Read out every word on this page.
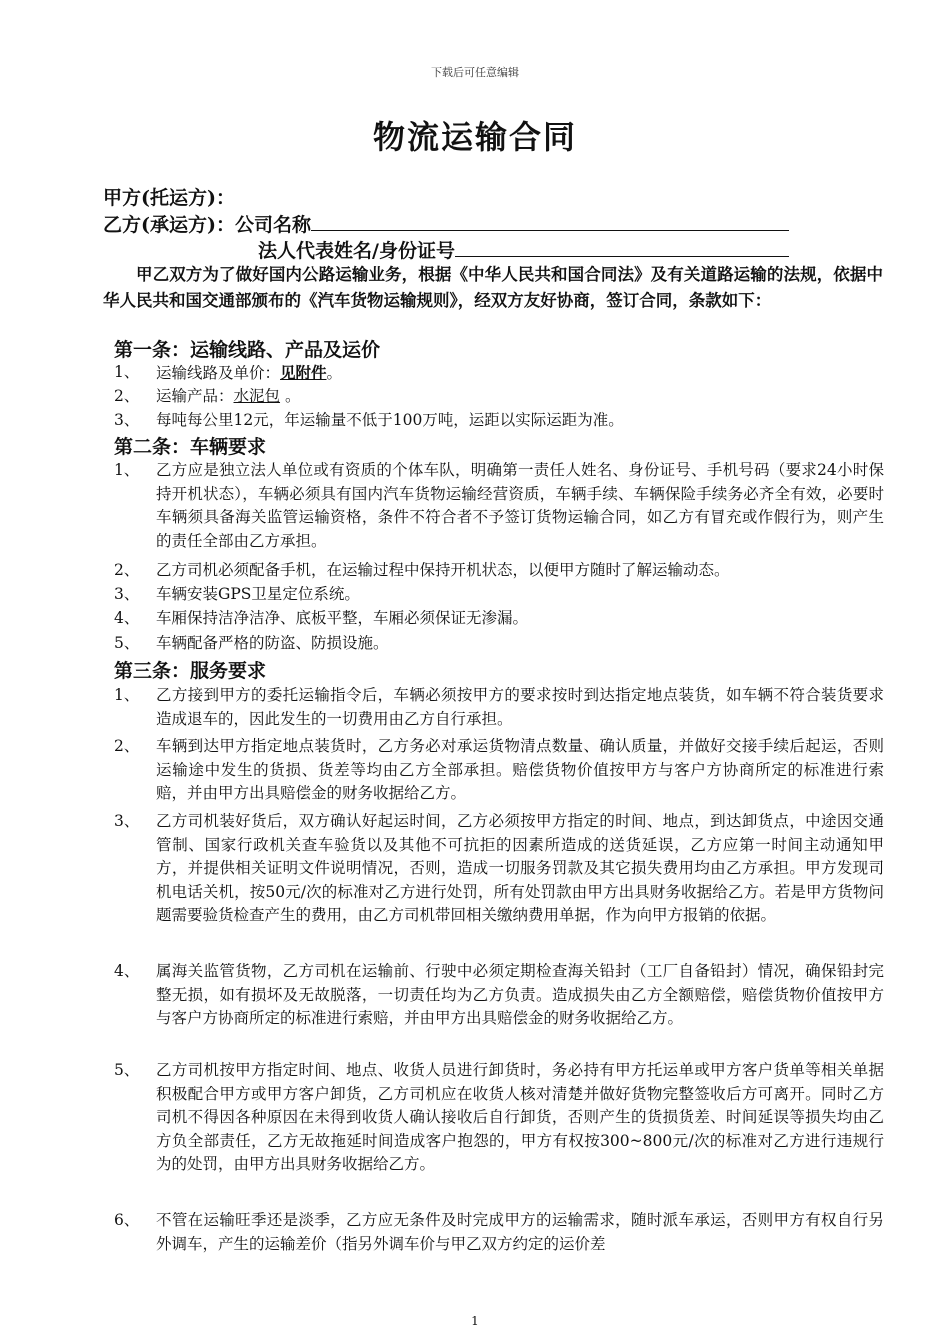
下载后可任意编辑
物流运输合同
甲方(托运方)：
乙方(承运方)：公司名称
法人代表姓名/身份证号
甲乙双方为了做好国内公路运输业务，根据《中华人民共和国合同法》及有关道路运输的法规，依据中华人民共和国交通部颁布的《汽车货物运输规则》，经双方友好协商，签订合同，条款如下：
第一条：运输线路、产品及运价
1、	运输线路及单价：见附件。
2、	运输产品：水泥包 。
3、	每吨每公里12元，年运输量不低于100万吨，运距以实际运距为准。
第二条：车辆要求
1、	乙方应是独立法人单位或有资质的个体车队，明确第一责任人姓名、身份证号、手机号码（要求24小时保持开机状态），车辆必须具有国内汽车货物运输经营资质，车辆手续、车辆保险手续务必齐全有效，必要时车辆须具备海关监管运输资格，条件不符合者不予签订货物运输合同，如乙方有冒充或作假行为，则产生的责任全部由乙方承担。
2、	乙方司机必须配备手机，在运输过程中保持开机状态，以便甲方随时了解运输动态。
3、	车辆安装GPS卫星定位系统。
4、	车厢保持洁净洁净、底板平整，车厢必须保证无渗漏。
5、	车辆配备严格的防盗、防损设施。
第三条：服务要求
1、	乙方接到甲方的委托运输指令后，车辆必须按甲方的要求按时到达指定地点装货，如车辆不符合装货要求造成退车的，因此发生的一切费用由乙方自行承担。
2、	车辆到达甲方指定地点装货时，乙方务必对承运货物清点数量、确认质量，并做好交接手续后起运，否则运输途中发生的货损、货差等均由乙方全部承担。赔偿货物价值按甲方与客户方协商所定的标准进行索赔，并由甲方出具赔偿金的财务收据给乙方。
3、	乙方司机装好货后，双方确认好起运时间，乙方必须按甲方指定的时间、地点，到达卸货点，中途因交通管制、国家行政机关查车验货以及其他不可抗拒的因素所造成的送货延误，乙方应第一时间主动通知甲方，并提供相关证明文件说明情况，否则，造成一切服务罚款及其它损失费用均由乙方承担。甲方发现司机电话关机，按50元/次的标准对乙方进行处罚，所有处罚款由甲方出具财务收据给乙方。若是甲方货物问题需要验货检查产生的费用，由乙方司机带回相关缴纳费用单据，作为向甲方报销的依据。
4、	属海关监管货物，乙方司机在运输前、行驶中必须定期检查海关铅封（工厂自备铅封）情况，确保铅封完整无损，如有损坏及无故脱落，一切责任均为乙方负责。造成损失由乙方全额赔偿，赔偿货物价值按甲方与客户方协商所定的标准进行索赔，并由甲方出具赔偿金的财务收据给乙方。
5、	乙方司机按甲方指定时间、地点、收货人员进行卸货时，务必持有甲方托运单或甲方客户货单等相关单据积极配合甲方或甲方客户卸货，乙方司机应在收货人核对清楚并做好货物完整签收后方可离开。同时乙方司机不得因各种原因在未得到收货人确认接收后自行卸货，否则产生的货损货差、时间延误等损失均由乙方负全部责任，乙方无故拖延时间造成客户抱怨的，甲方有权按300~800元/次的标准对乙方进行违规行为的处罚，由甲方出具财务收据给乙方。
6、	不管在运输旺季还是淡季，乙方应无条件及时完成甲方的运输需求，随时派车承运，否则甲方有权自行另外调车，产生的运输差价（指另外调车价与甲乙双方约定的运价差
1
